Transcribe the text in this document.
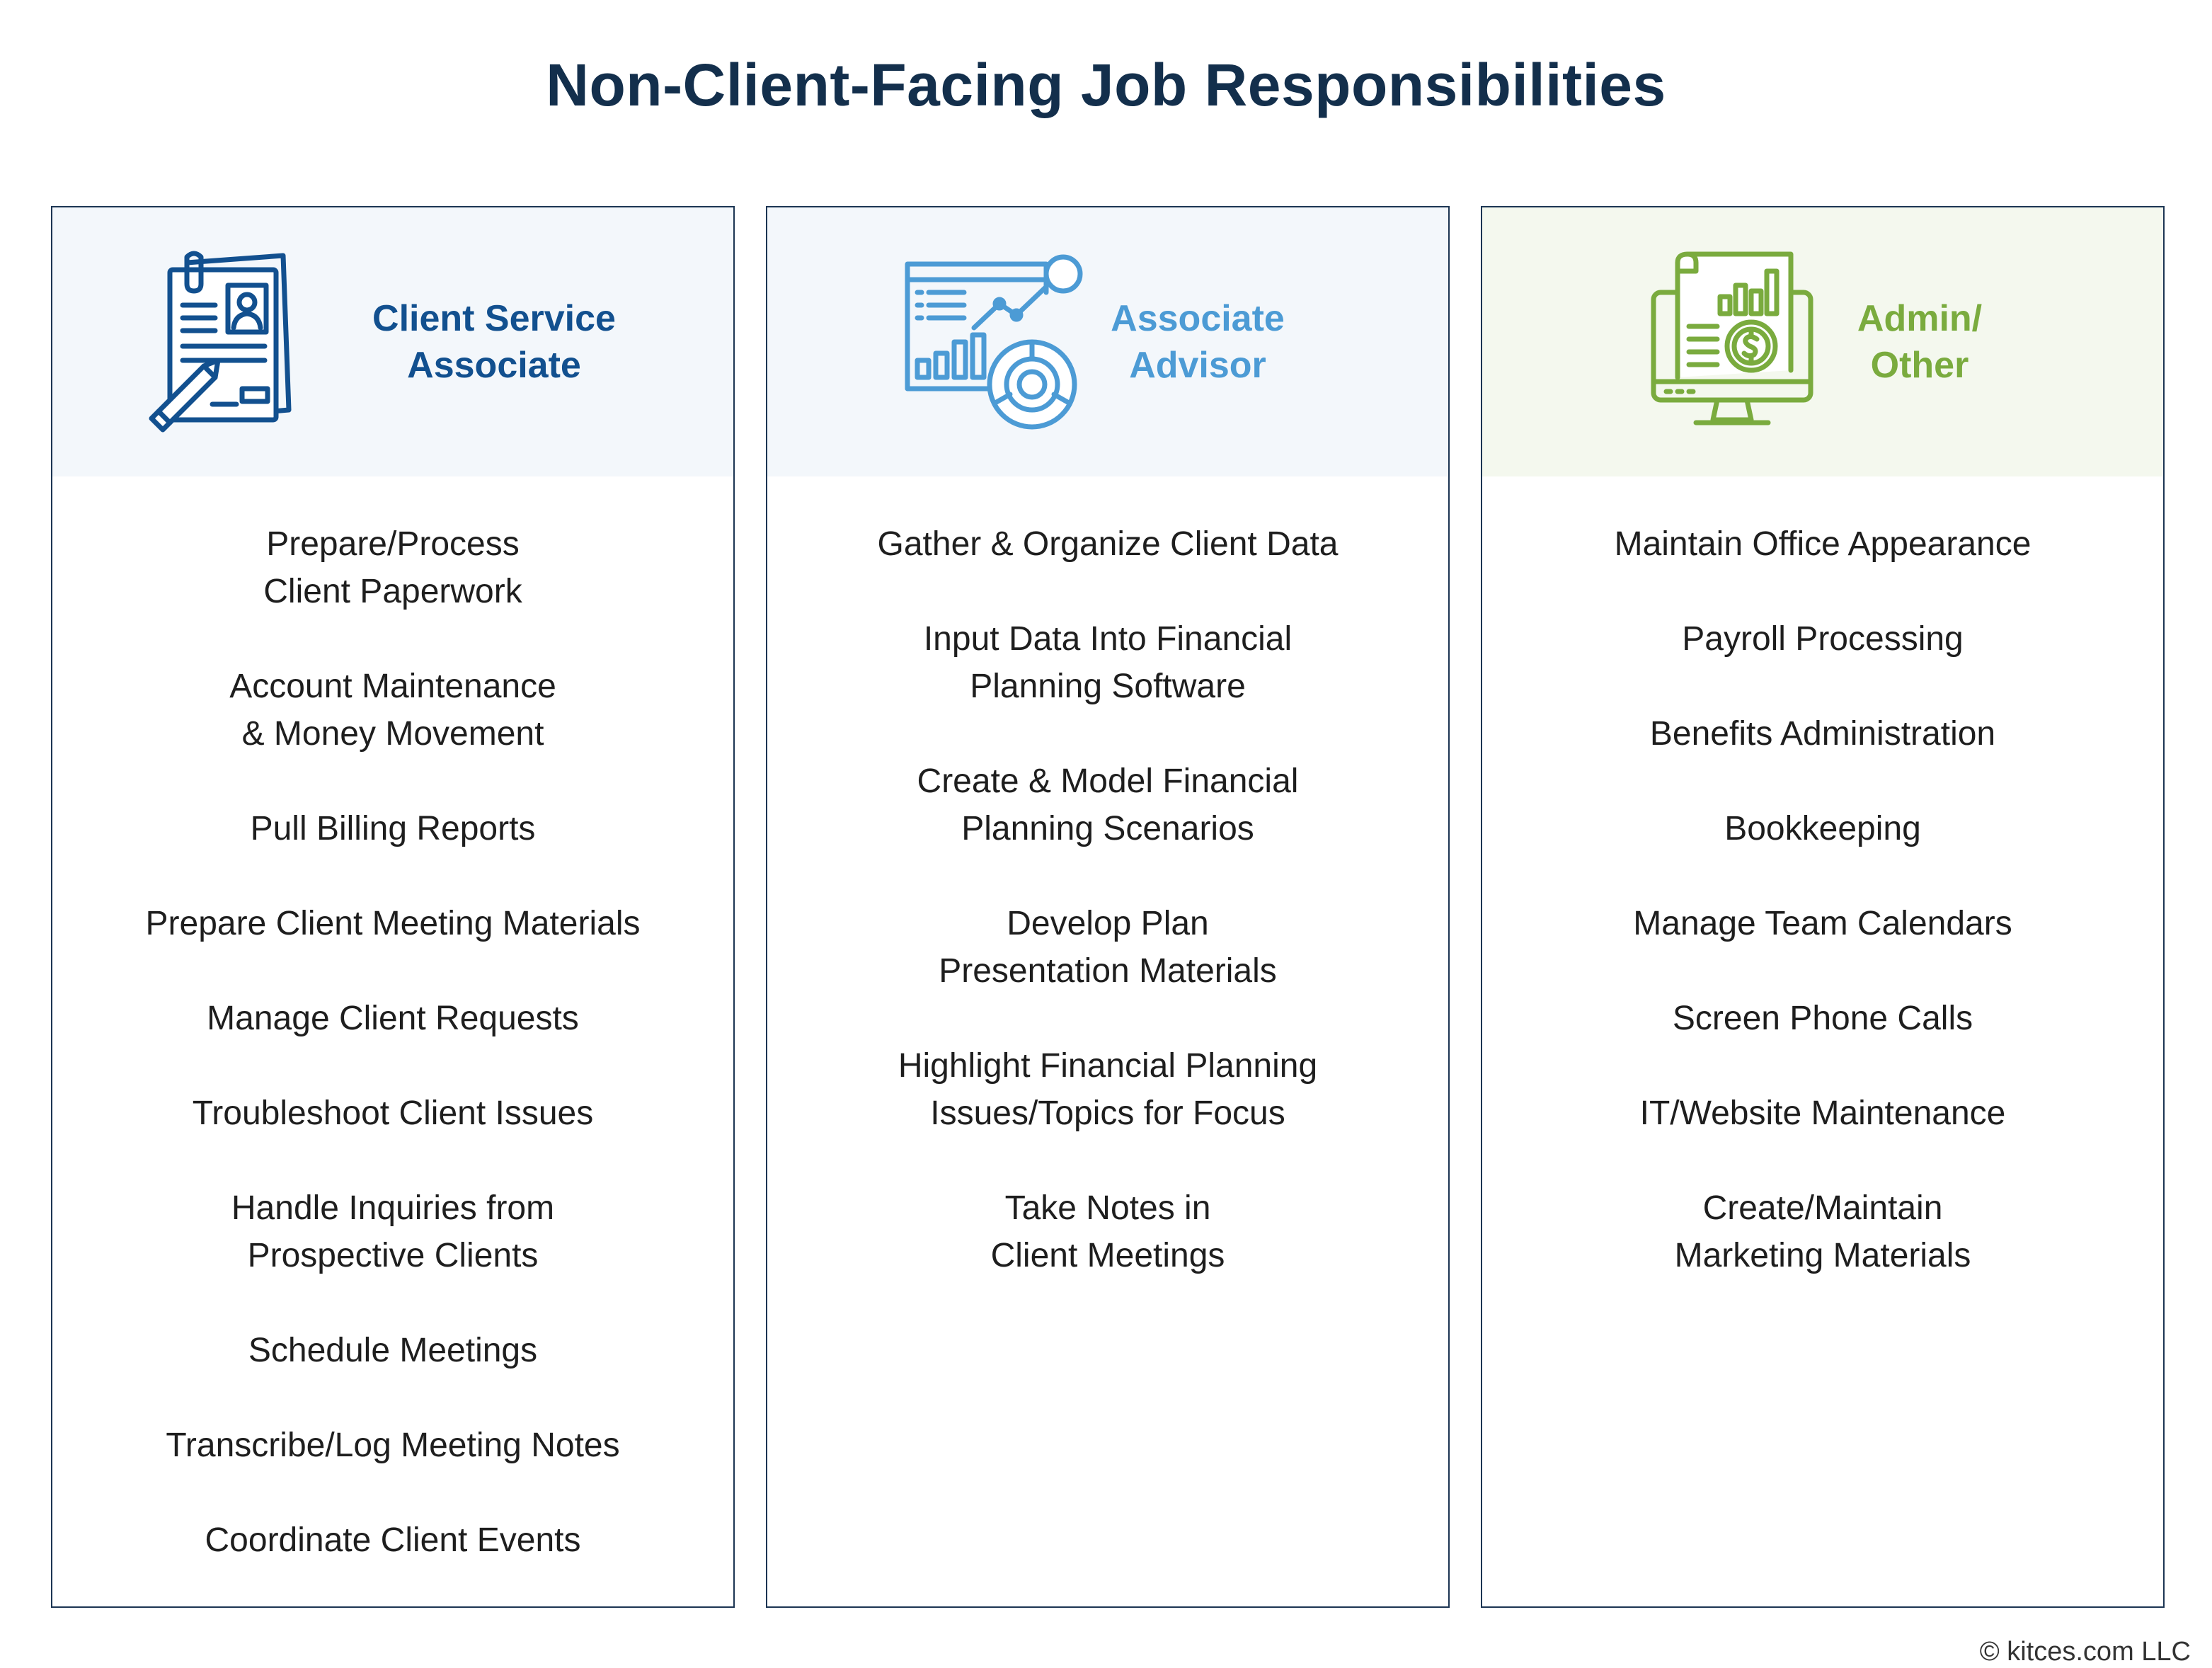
Non-Client-Facing Job Responsibilities
Client Service
Associate
Prepare/Process
Client Paperwork
Account Maintenance
& Money Movement
Pull Billing Reports
Prepare Client Meeting Materials
Manage Client Requests
Troubleshoot Client Issues
Handle Inquiries from
Prospective Clients
Schedule Meetings
Transcribe/Log Meeting Notes
Coordinate Client Events
Associate
Advisor
Gather & Organize Client Data
Input Data Into Financial
Planning Software
Create & Model Financial
Planning Scenarios
Develop Plan
Presentation Materials
Highlight Financial Planning
Issues/Topics for Focus
Take Notes in
Client Meetings
Admin/
Other
Maintain Office Appearance
Payroll Processing
Benefits Administration
Bookkeeping
Manage Team Calendars
Screen Phone Calls
IT/Website Maintenance
Create/Maintain
Marketing Materials
© kitces.com LLC
